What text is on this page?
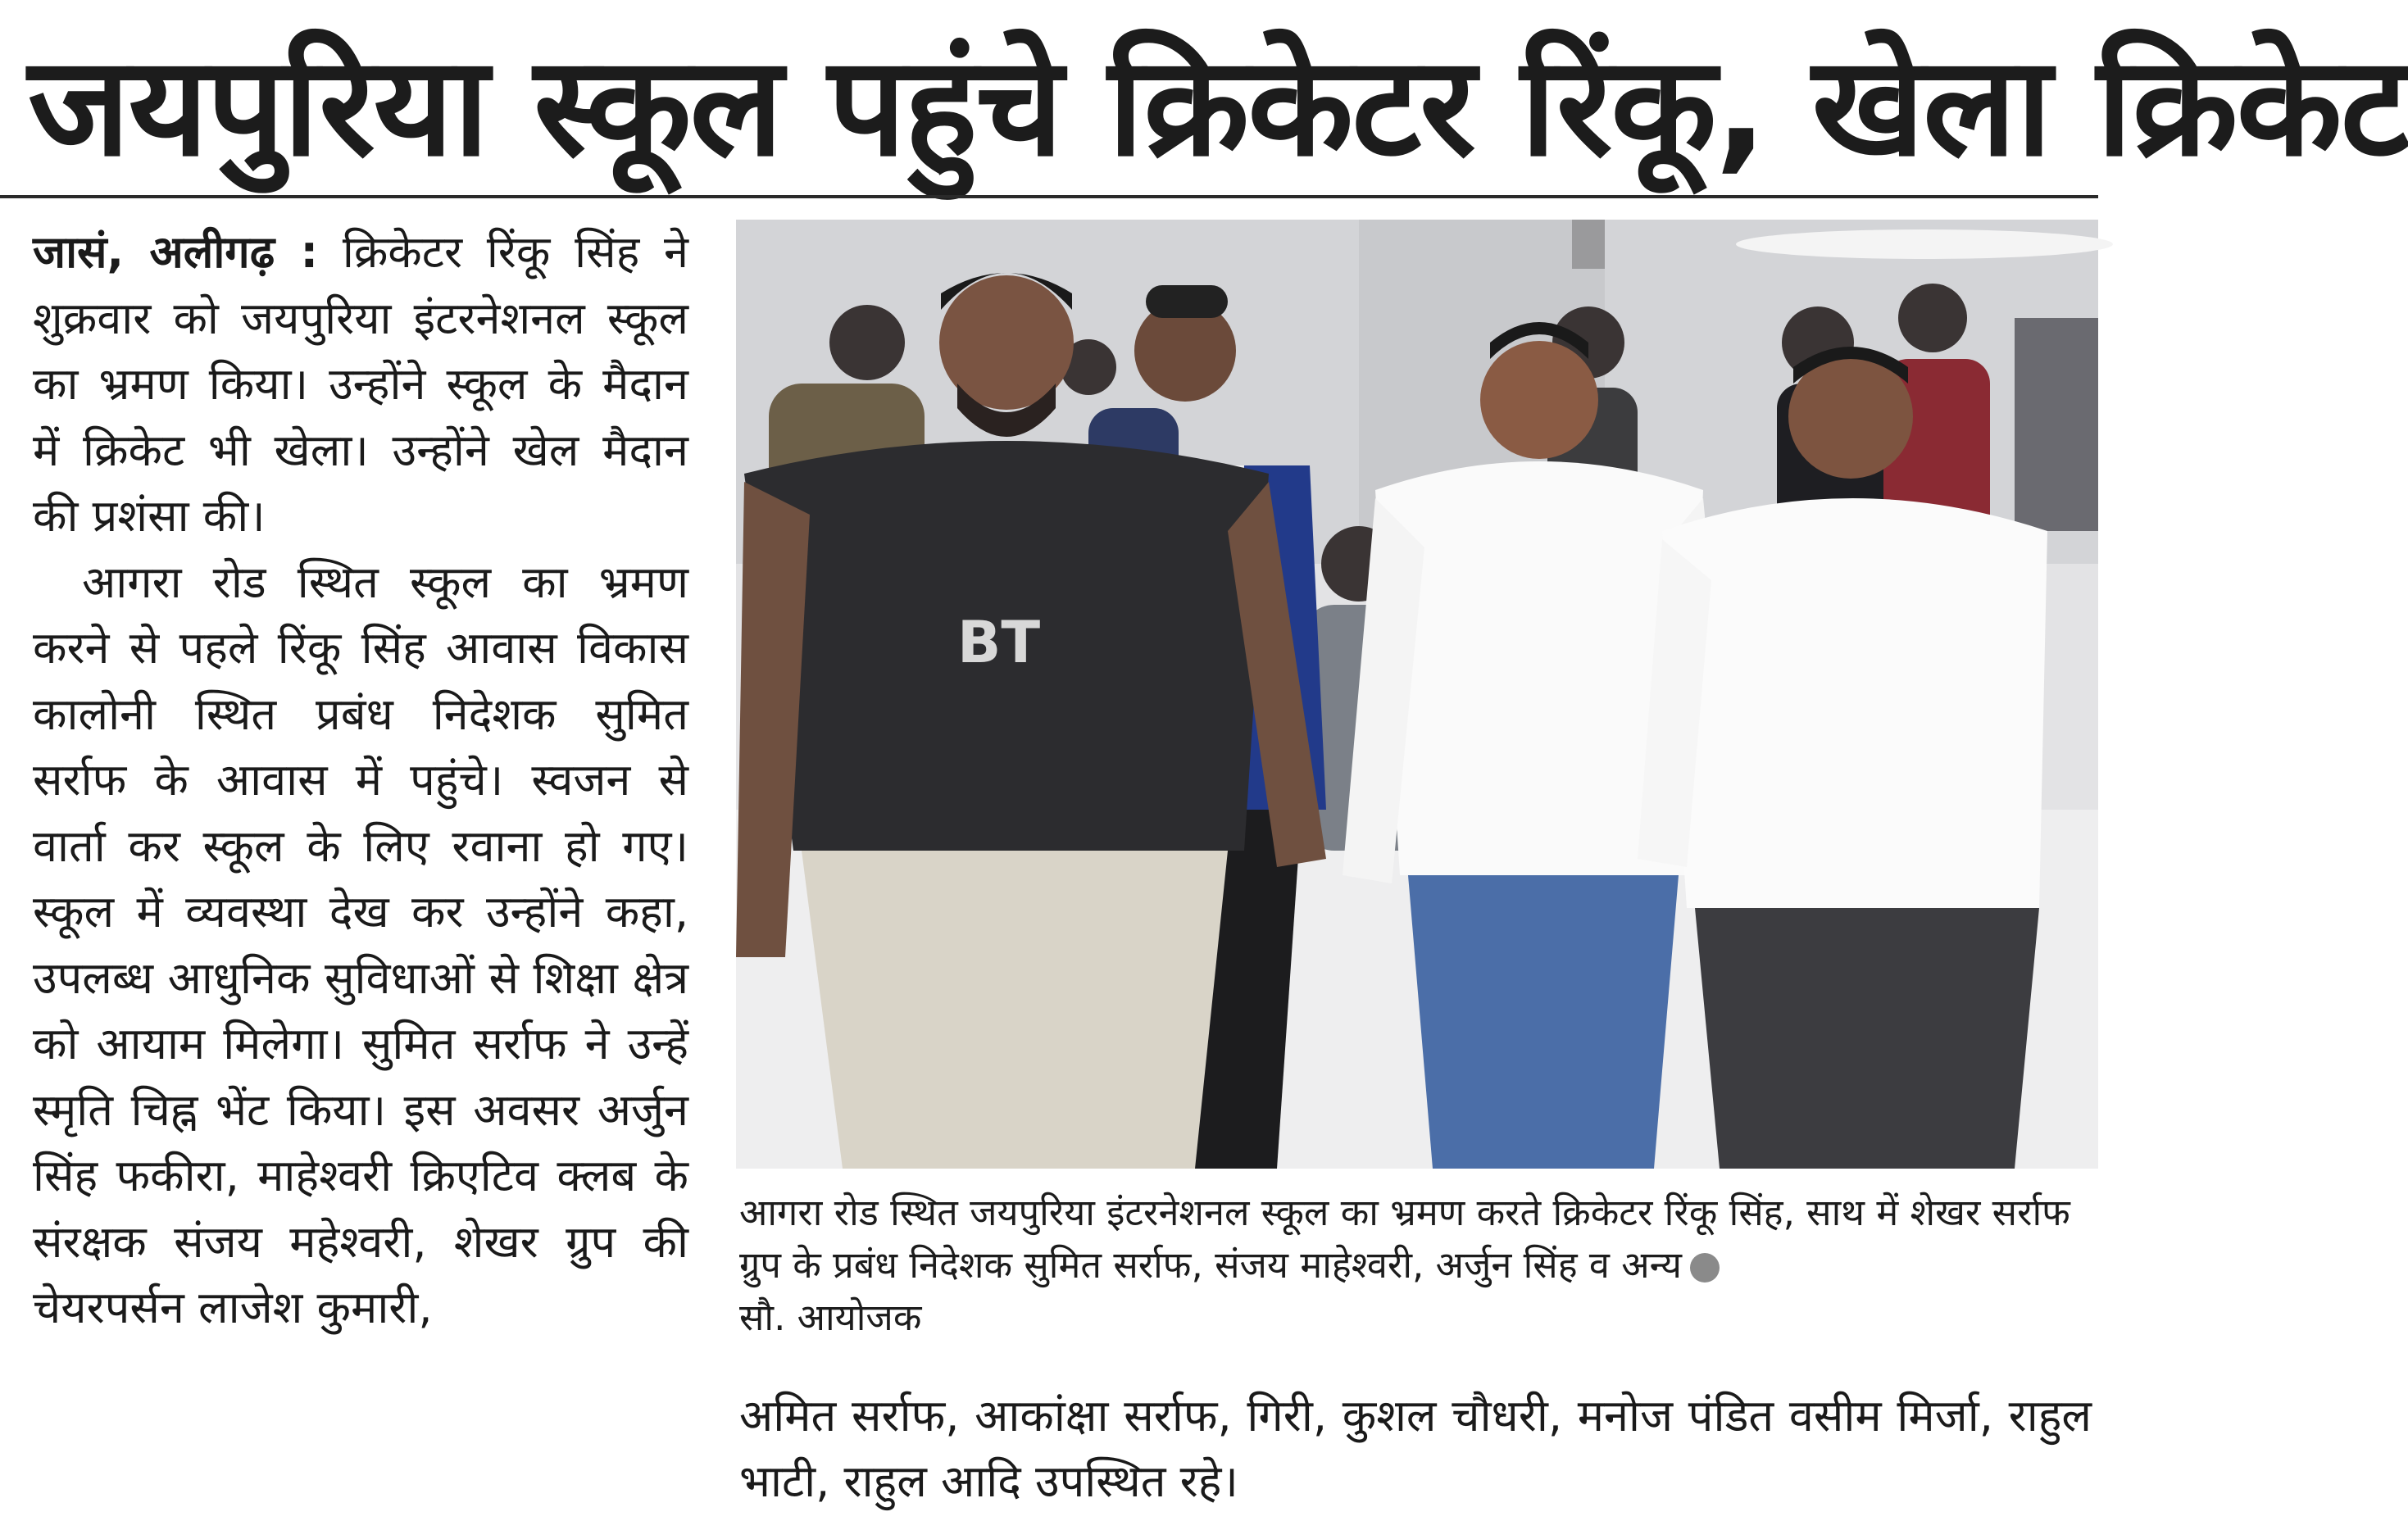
जयपुरिया स्कूल पहुंचे क्रिकेटर रिंकू, खेला क्रिकेट

जासं, अलीगढ़ : क्रिकेटर रिंकू सिंह ने शुक्रवार को जयपुरिया इंटरनेशनल स्कूल का भ्रमण किया। उन्होंने स्कूल के मैदान में क्रिकेट भी खेला। उन्होंने खेल मैदान की प्रशंसा की।

आगरा रोड स्थित स्कूल का भ्रमण करने से पहले रिंकू सिंह आवास विकास कालोनी स्थित प्रबंध निदेशक सुमित सर्राफ के आवास में पहुंचे। स्वजन से वार्ता कर स्कूल के लिए रवाना हो गए। स्कूल में व्यवस्था देख कर उन्होंने कहा, उपलब्ध आधुनिक सुविधाओं से शिक्षा क्षेत्र को आयाम मिलेगा। सुमित सर्राफ ने उन्हें स्मृति चिह्न भेंट किया। इस अवसर अर्जुन सिंह फकीरा, माहेश्वरी क्रिएटिव क्लब के संरक्षक संजय महेश्वरी, शेखर ग्रुप की चेयरपर्सन लाजेश कुमारी,

BT
आगरा रोड स्थित जयपुरिया इंटरनेशनल स्कूल का भ्रमण करते क्रिकेटर रिंकू सिंह, साथ में शेखर सर्राफ ग्रुप के प्रबंध निदेशक सुमित सर्राफ, संजय माहेश्वरी, अर्जुन सिंह व अन्य
सौ. आयोजक
अमित सर्राफ, आकांक्षा सर्राफ, गिरी, कुशल चौधरी, मनोज पंडित वसीम मिर्जा, राहुल भाटी, राहुल आदि उपस्थित रहे।
